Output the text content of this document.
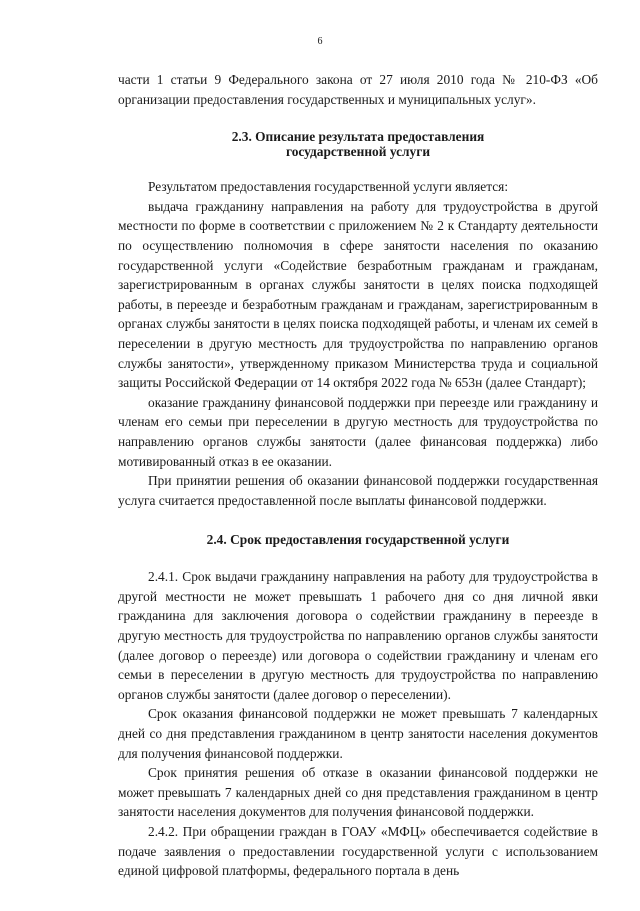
6

части 1 статьи 9 Федерального закона от 27 июля 2010 года № 210-ФЗ «Об организации предоставления государственных и муниципальных услуг».

2.3. Описание результата предоставления
государственной услуги

Результатом предоставления государственной услуги является:

выдача гражданину направления на работу для трудоустройства в другой местности по форме в соответствии с приложением № 2 к Стандарту деятельности по осуществлению полномочия в сфере занятости населения по оказанию государственной услуги «Содействие безработным гражданам и гражданам, зарегистрированным в органах службы занятости в целях поиска подходящей работы, в переезде и безработным гражданам и гражданам, зарегистрированным в органах службы занятости в целях поиска подходящей работы, и членам их семей в переселении в другую местность для трудоустройства по направлению органов службы занятости», утвержденному приказом Министерства труда и социальной защиты Российской Федерации от 14 октября 2022 года № 653н (далее Стандарт);

оказание гражданину финансовой поддержки при переезде или гражданину и членам его семьи при переселении в другую местность для трудоустройства по направлению органов службы занятости (далее финансовая поддержка) либо мотивированный отказ в ее оказании.

При принятии решения об оказании финансовой поддержки государственная услуга считается предоставленной после выплаты финансовой поддержки.

2.4. Срок предоставления государственной услуги

2.4.1. Срок выдачи гражданину направления на работу для трудоустройства в другой местности не может превышать 1 рабочего дня со дня личной явки гражданина для заключения договора о содействии гражданину в переезде в другую местность для трудоустройства по направлению органов службы занятости (далее договор о переезде) или договора о содействии гражданину и членам его семьи в переселении в другую местность для трудоустройства по направлению органов службы занятости (далее договор о переселении).

Срок оказания финансовой поддержки не может превышать 7 календарных дней со дня представления гражданином в центр занятости населения документов для получения финансовой поддержки.

Срок принятия решения об отказе в оказании финансовой поддержки не может превышать 7 календарных дней со дня представления гражданином в центр занятости населения документов для получения финансовой поддержки.

2.4.2. При обращении граждан в ГОАУ «МФЦ» обеспечивается содействие в подаче заявления о предоставлении государственной услуги с использованием единой цифровой платформы, федерального портала в день
